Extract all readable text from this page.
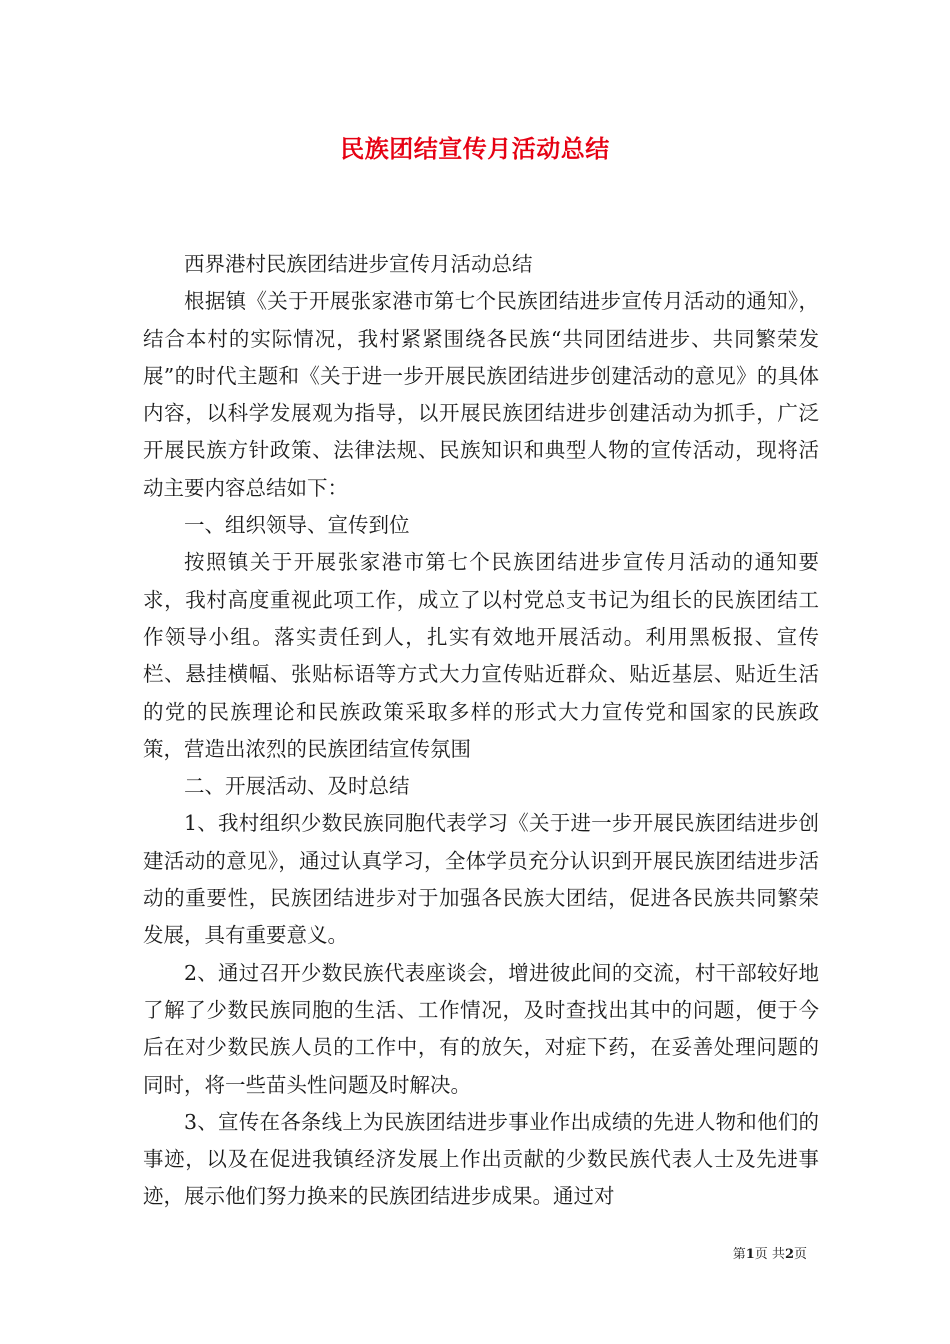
民族团结宣传月活动总结

西界港村民族团结进步宣传月活动总结

根据镇《关于开展张家港市第七个民族团结进步宣传月活动的通知》，结合本村的实际情况，我村紧紧围绕各民族“共同团结进步、共同繁荣发展”的时代主题和《关于进一步开展民族团结进步创建活动的意见》的具体内容，以科学发展观为指导，以开展民族团结进步创建活动为抓手，广泛开展民族方针政策、法律法规、民族知识和典型人物的宣传活动，现将活动主要内容总结如下：

一、组织领导、宣传到位

按照镇关于开展张家港市第七个民族团结进步宣传月活动的通知要求，我村高度重视此项工作，成立了以村党总支书记为组长的民族团结工作领导小组。落实责任到人，扎实有效地开展活动。利用黑板报、宣传栏、悬挂横幅、张贴标语等方式大力宣传贴近群众、贴近基层、贴近生活的党的民族理论和民族政策采取多样的形式大力宣传党和国家的民族政策，营造出浓烈的民族团结宣传氛围

二、开展活动、及时总结

1、我村组织少数民族同胞代表学习《关于进一步开展民族团结进步创建活动的意见》，通过认真学习，全体学员充分认识到开展民族团结进步活动的重要性，民族团结进步对于加强各民族大团结，促进各民族共同繁荣发展，具有重要意义。

2、通过召开少数民族代表座谈会，增进彼此间的交流，村干部较好地了解了少数民族同胞的生活、工作情况，及时查找出其中的问题，便于今后在对少数民族人员的工作中，有的放矢，对症下药，在妥善处理问题的同时，将一些苗头性问题及时解决。

3、宣传在各条线上为民族团结进步事业作出成绩的先进人物和他们的事迹，以及在促进我镇经济发展上作出贡献的少数民族代表人士及先进事迹，展示他们努力换来的民族团结进步成果。通过对

第1页 共2页
